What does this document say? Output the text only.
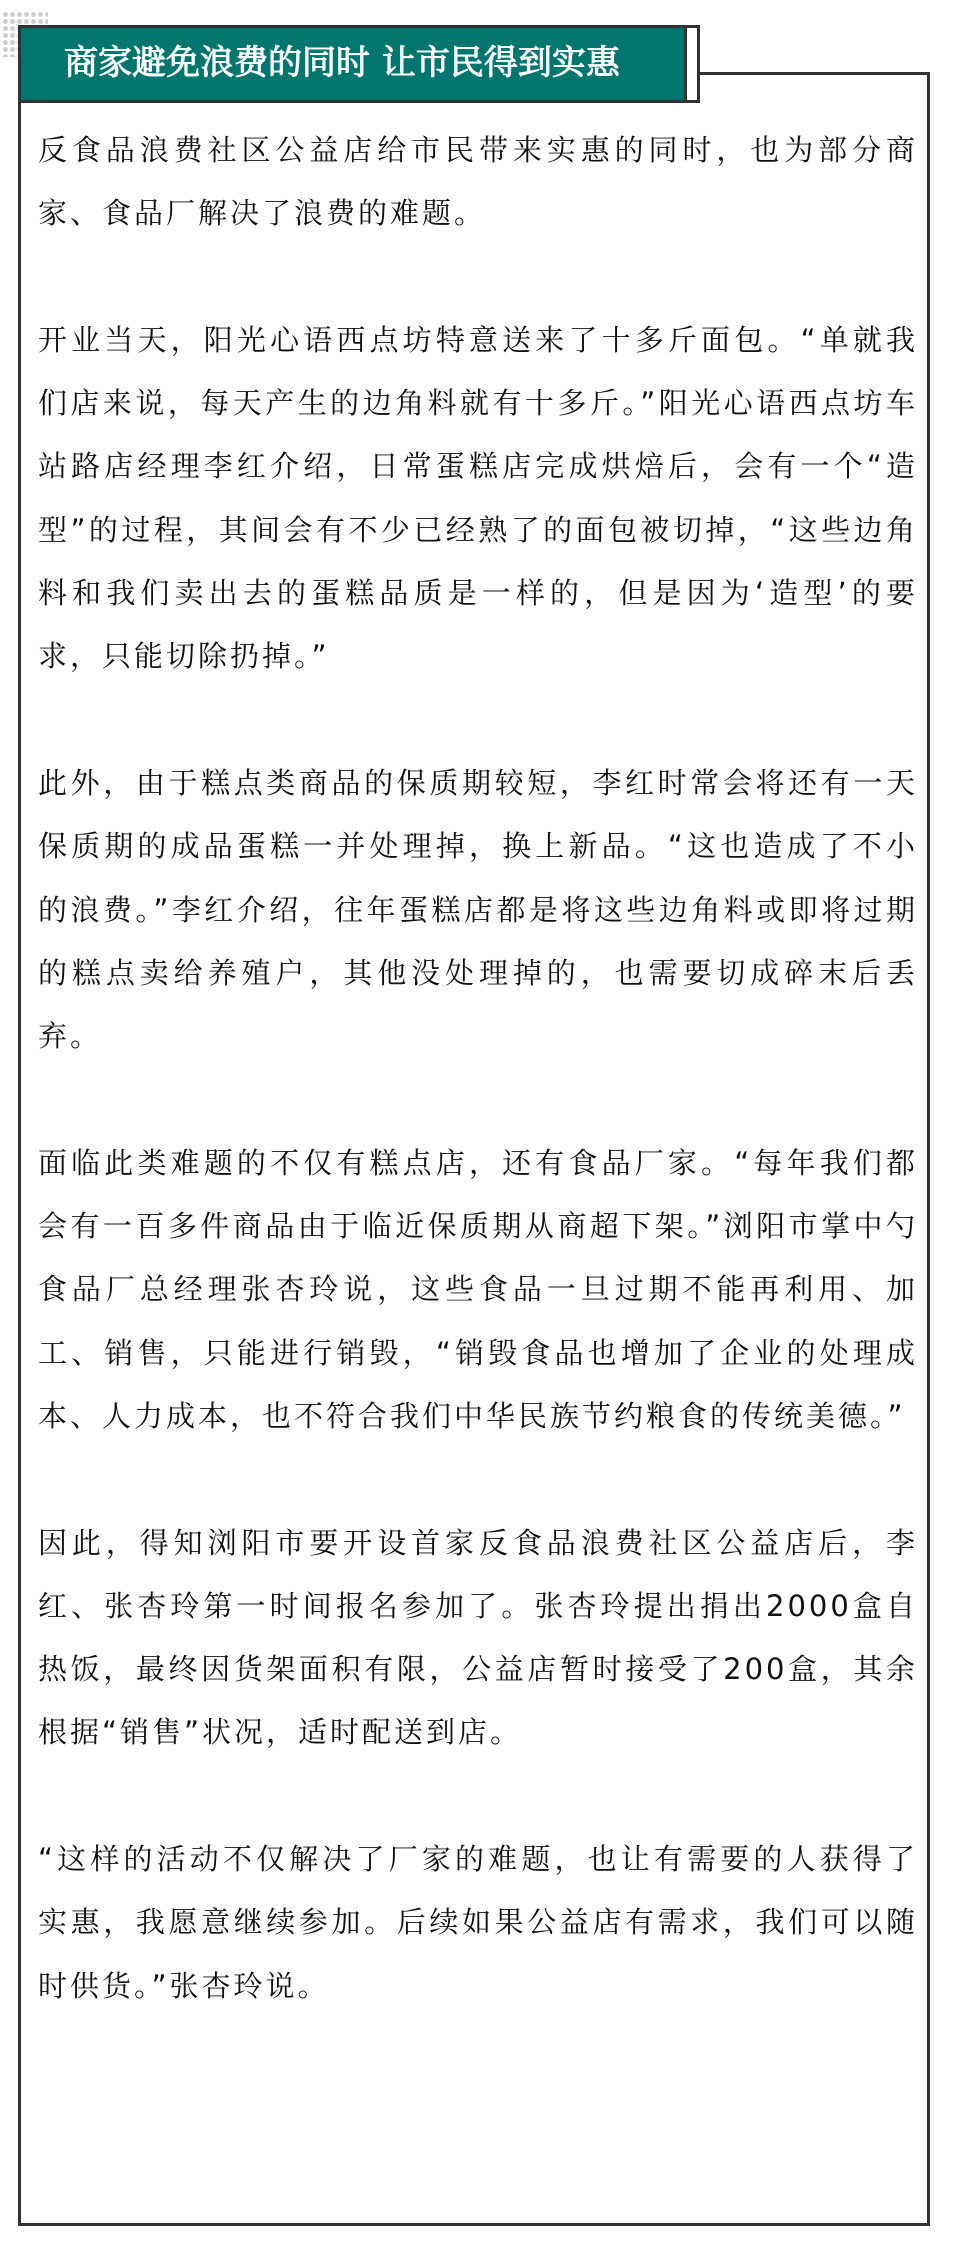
商家避免浪费的同时 让市民得到实惠

反食品浪费社区公益店给市民带来实惠的同时，也为部分商家、食品厂解决了浪费的难题。

开业当天，阳光心语西点坊特意送来了十多斤面包。“单就我们店来说，每天产生的边角料就有十多斤。”阳光心语西点坊车站路店经理李红介绍，日常蛋糕店完成烘焙后，会有一个“造型”的过程，其间会有不少已经熟了的面包被切掉，“这些边角料和我们卖出去的蛋糕品质是一样的，但是因为‘造型’的要求，只能切除扔掉。”

此外，由于糕点类商品的保质期较短，李红时常会将还有一天保质期的成品蛋糕一并处理掉，换上新品。“这也造成了不小的浪费。”李红介绍，往年蛋糕店都是将这些边角料或即将过期的糕点卖给养殖户，其他没处理掉的，也需要切成碎末后丢弃。

面临此类难题的不仅有糕点店，还有食品厂家。“每年我们都会有一百多件商品由于临近保质期从商超下架。”浏阳市掌中勺食品厂总经理张杏玲说，这些食品一旦过期不能再利用、加工、销售，只能进行销毁，“销毁食品也增加了企业的处理成本、人力成本，也不符合我们中华民族节约粮食的传统美德。”

因此，得知浏阳市要开设首家反食品浪费社区公益店后，李红、张杏玲第一时间报名参加了。张杏玲提出捐出2000盒自热饭，最终因货架面积有限，公益店暂时接受了200盒，其余根据“销售”状况，适时配送到店。

“这样的活动不仅解决了厂家的难题，也让有需要的人获得了实惠，我愿意继续参加。后续如果公益店有需求，我们可以随时供货。”张杏玲说。
